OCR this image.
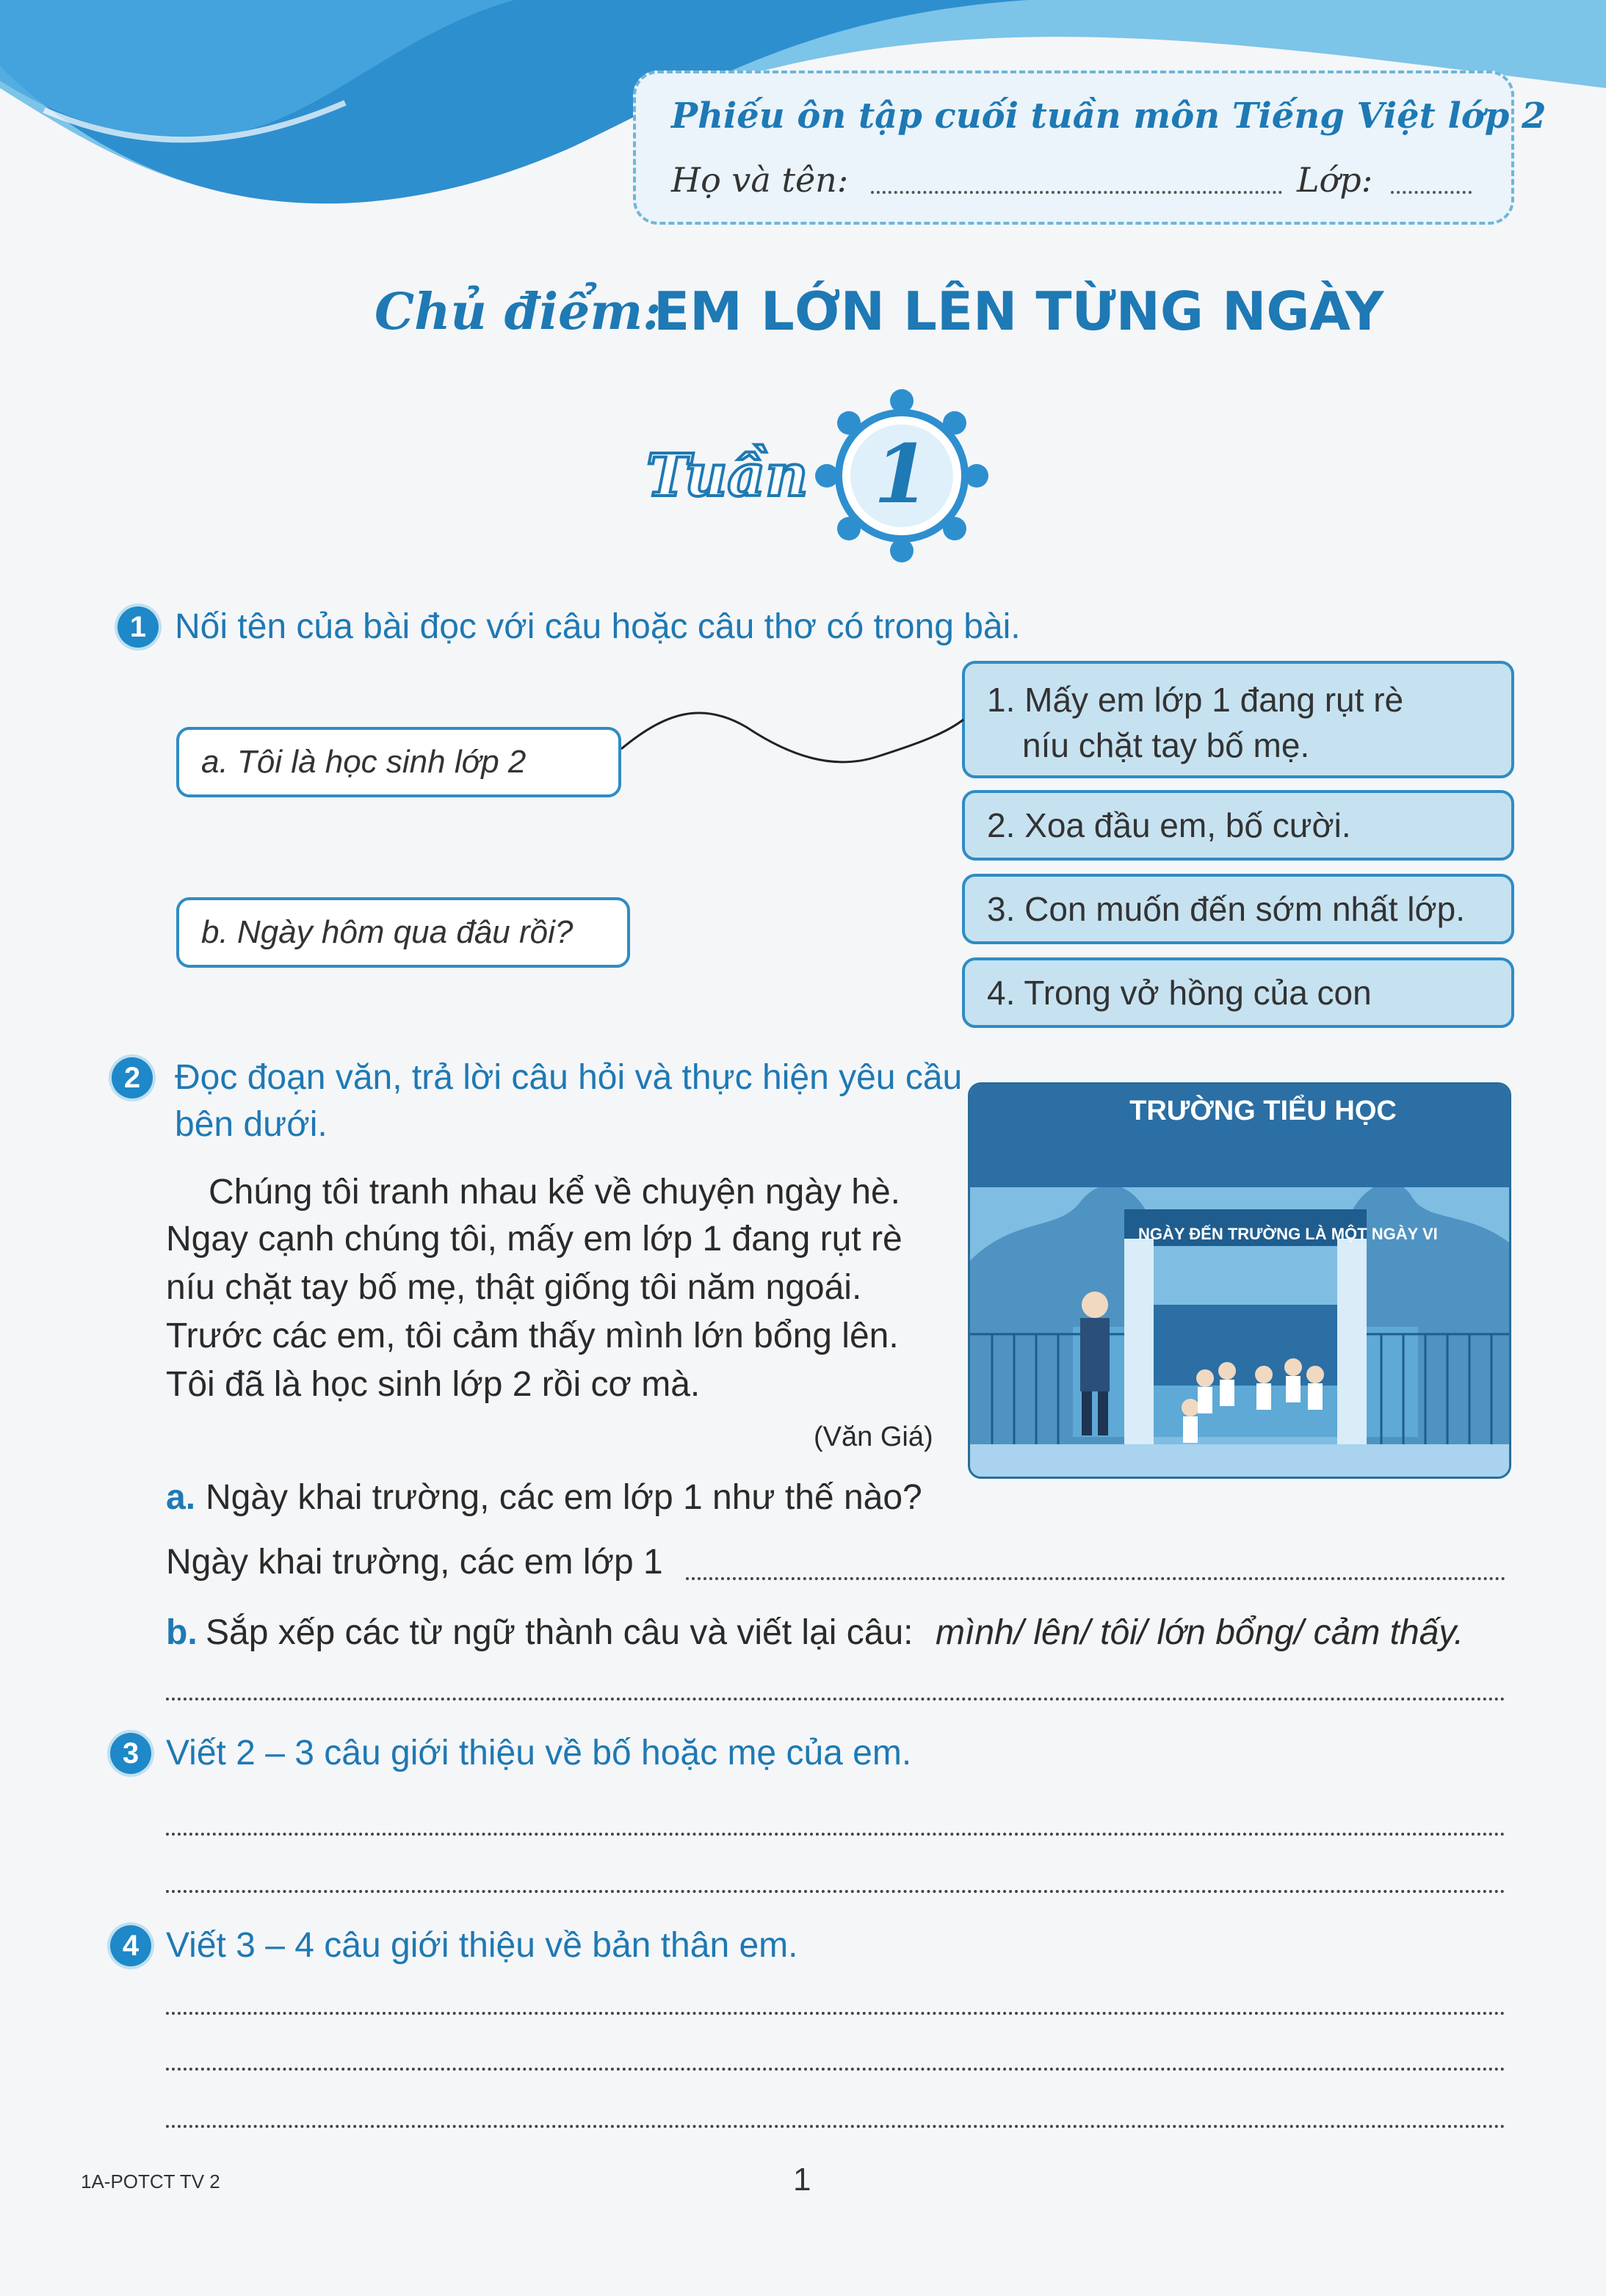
Phiếu ôn tập cuối tuần môn Tiếng Việt lớp 2
Họ và tên:	Lớp:
Chủ điểm:
EM LỚN LÊN TỪNG NGÀY
Tuần 1
1 Nối tên của bài đọc với câu hoặc câu thơ có trong bài.
a. Tôi là học sinh lớp 2
b. Ngày hôm qua đâu rồi?
1. Mấy em lớp 1 đang rụt rè
níu chặt tay bố mẹ.
2. Xoa đầu em, bố cười.
3. Con muốn đến sớm nhất lớp.
4. Trong vở hồng của con
2 Đọc đoạn văn, trả lời câu hỏi và thực hiện yêu cầu
bên dưới.
Chúng tôi tranh nhau kể về chuyện ngày hè.
Ngay cạnh chúng tôi, mấy em lớp 1 đang rụt rè
níu chặt tay bố mẹ, thật giống tôi năm ngoái.
Trước các em, tôi cảm thấy mình lớn bổng lên.
Tôi đã là học sinh lớp 2 rồi cơ mà.
(Văn Giá)
TRƯỜNG TIỂU HỌC
NGÀY ĐẾN TRƯỜNG LÀ MỘT NGÀY VI
a. Ngày khai trường, các em lớp 1 như thế nào?
Ngày khai trường, các em lớp 1
b. Sắp xếp các từ ngữ thành câu và viết lại câu: mình/ lên/ tôi/ lớn bổng/ cảm thấy.
3 Viết 2 – 3 câu giới thiệu về bố hoặc mẹ của em.
4 Viết 3 – 4 câu giới thiệu về bản thân em.
1A-POTCT TV 2	1
